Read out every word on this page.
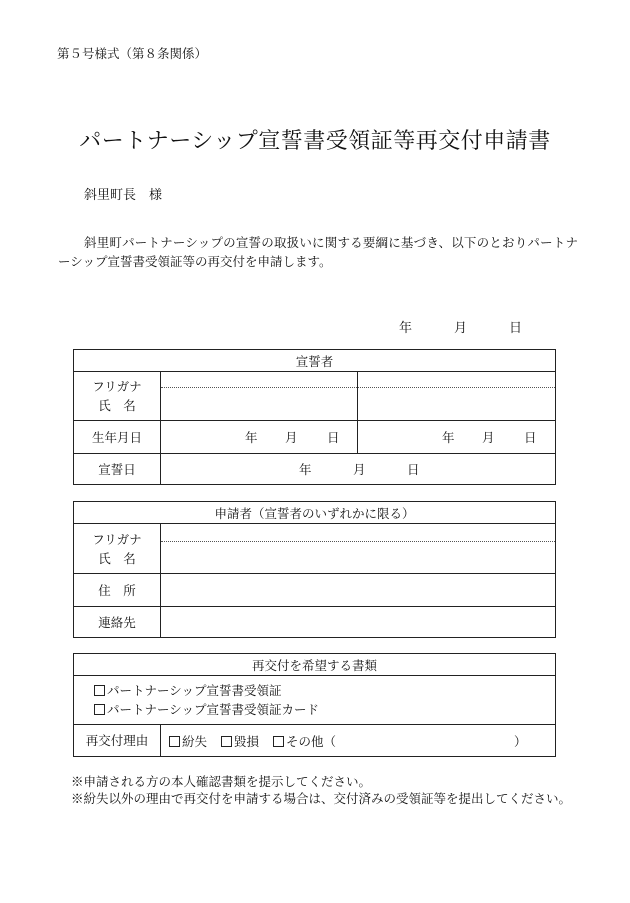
第５号様式（第８条関係）
パートナーシップ宣誓書受領証等再交付申請書
斜里町長　様
斜里町パートナーシップの宣誓の取扱いに関する要綱に基づき、以下のとおりパートナーシップ宣誓書受領証等の再交付を申請します。
年	月	日
宣誓者		

フリガナ
氏　名		

生年月日	年 月 日	年 月 日

宣誓日	年 月 日	
申請者（宣誓者のいずれかに限る）	

フリガナ
氏　名	

住　所	
連絡先	
再交付を希望する書類

パートナーシップ宣誓書受領証
パートナーシップ宣誓書受領証カード

再交付理由	紛失 毀損 その他（	）
※申請される方の本人確認書類を提示してください。
※紛失以外の理由で再交付を申請する場合は、交付済みの受領証等を提出してください。
